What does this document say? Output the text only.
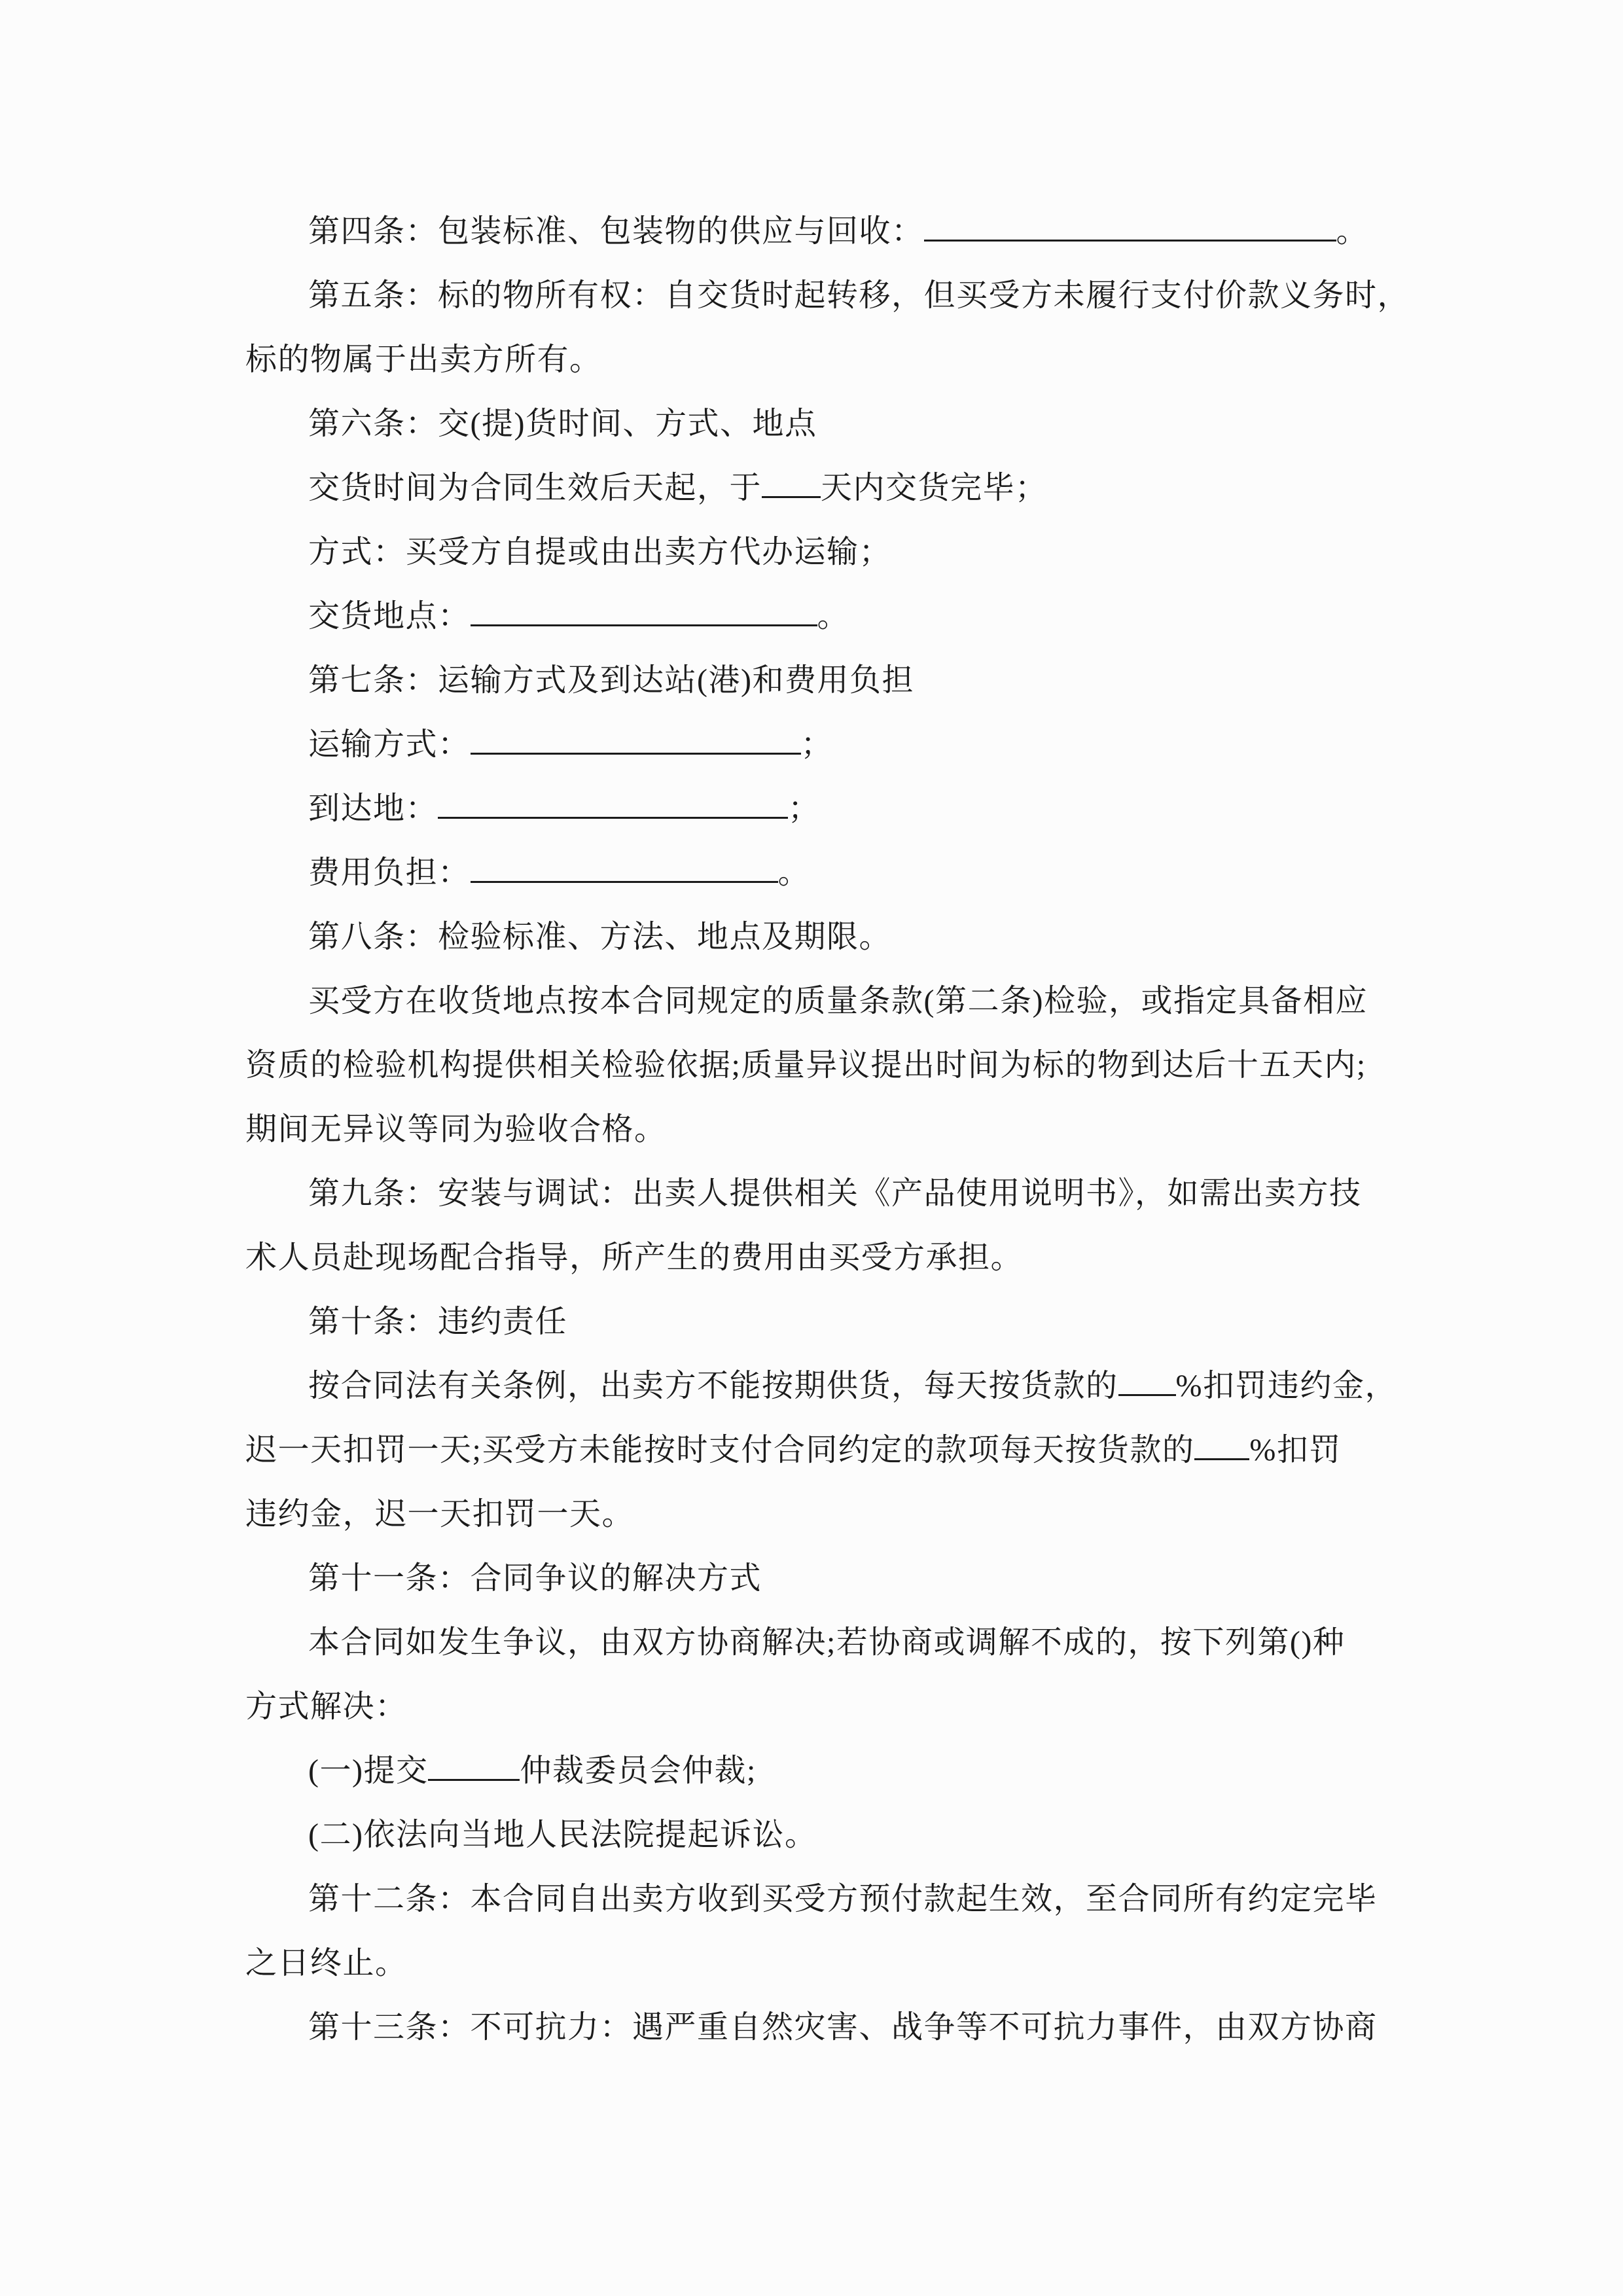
第四条：包装标准、包装物的供应与回收：	。
第五条：标的物所有权：自交货时起转移，但买受方未履行支付价款义务时，
标的物属于出卖方所有。
第六条：交(提)货时间、方式、地点
交货时间为合同生效后天起，于 天内交货完毕；
方式：买受方自提或由出卖方代办运输；
交货地点：	。
第七条：运输方式及到达站(港)和费用负担
运输方式：	；
到达地：	；
费用负担：	。
第八条：检验标准、方法、地点及期限。
买受方在收货地点按本合同规定的质量条款(第二条)检验，或指定具备相应
资质的检验机构提供相关检验依据;质量异议提出时间为标的物到达后十五天内;
期间无异议等同为验收合格。
第九条：安装与调试：出卖人提供相关《产品使用说明书》，如需出卖方技
术人员赴现场配合指导，所产生的费用由买受方承担。
第十条：违约责任
按合同法有关条例，出卖方不能按期供货，每天按货款的 %扣罚违约金，
迟一天扣罚一天;买受方未能按时支付合同约定的款项每天按货款的 %扣罚
违约金，迟一天扣罚一天。
第十一条：合同争议的解决方式
本合同如发生争议，由双方协商解决;若协商或调解不成的，按下列第()种
方式解决：
(一)提交	仲裁委员会仲裁;
(二)依法向当地人民法院提起诉讼。
第十二条：本合同自出卖方收到买受方预付款起生效，至合同所有约定完毕
之日终止。
第十三条：不可抗力：遇严重自然灾害、战争等不可抗力事件，由双方协商
